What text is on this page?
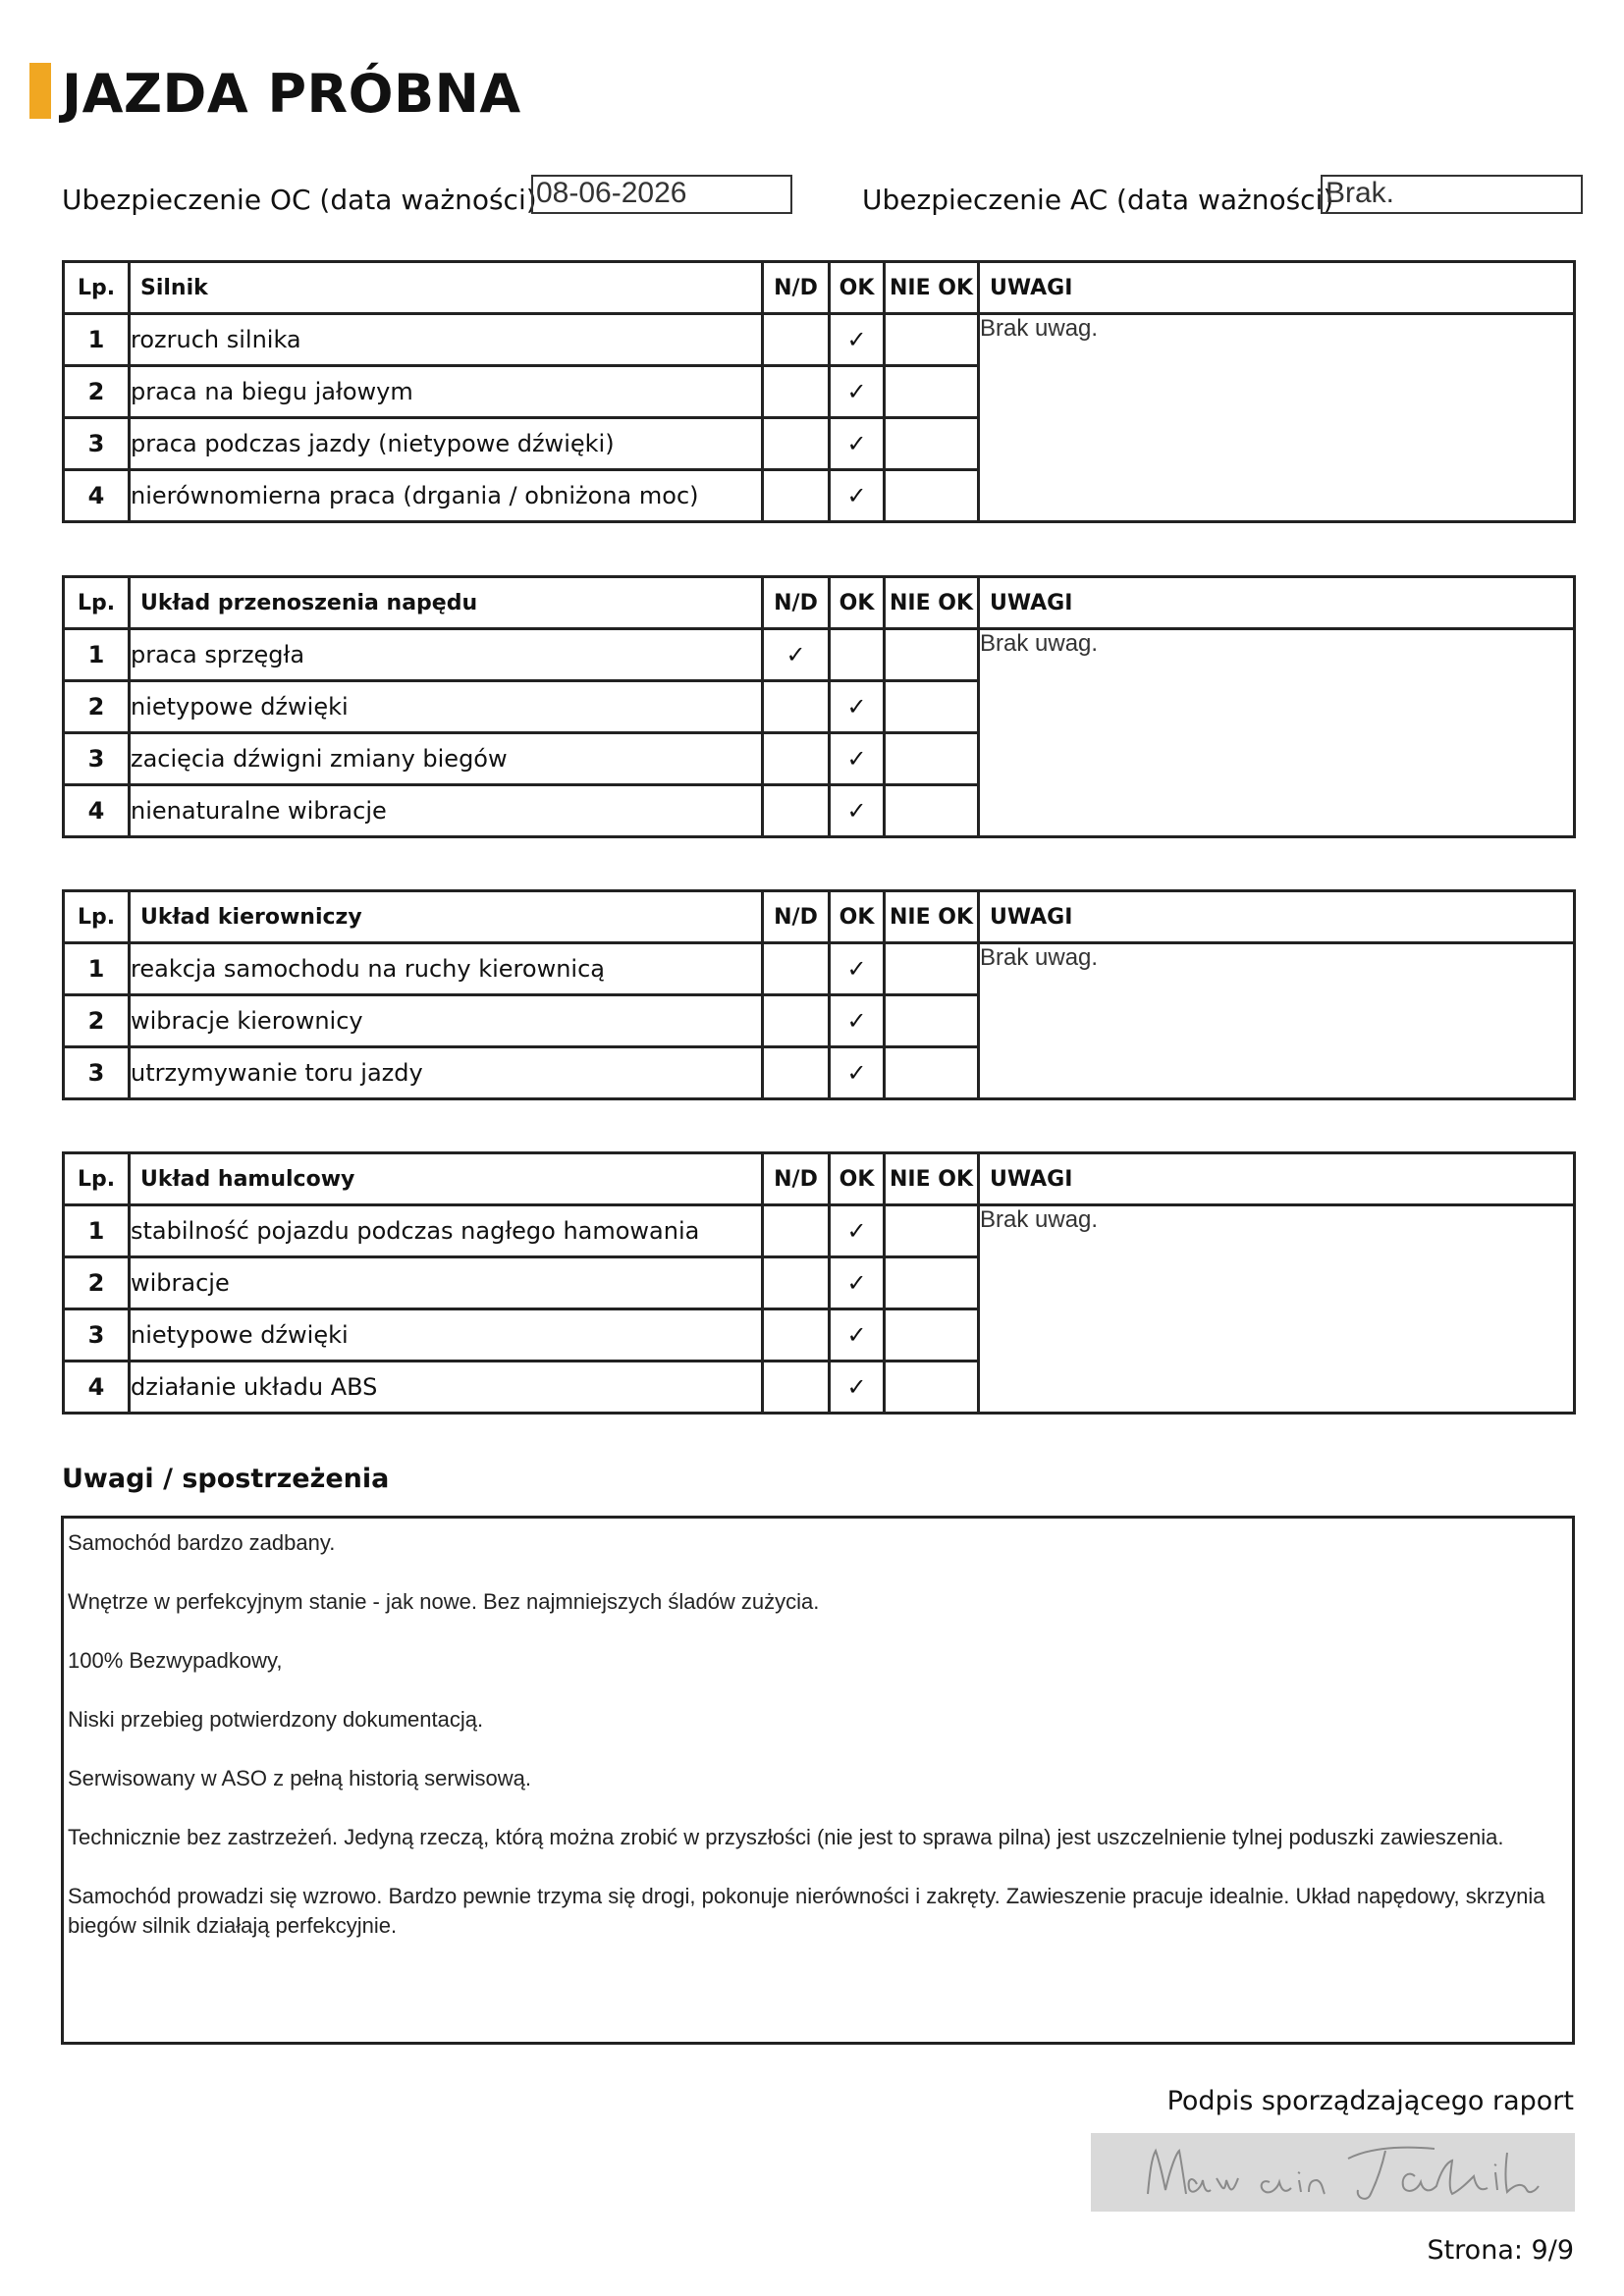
JAZDA PRÓBNA
Ubezpieczenie OC (data ważności) 08-06-2026	Ubezpieczenie AC (data ważności)
Brak.
Lp.	Silnik	N/D	OK	NIE OK	UWAGI
1	rozruch silnika		✓		Brak uwag.
2	praca na biegu jałowym		✓		
3	praca podczas jazdy (nietypowe dźwięki)		✓		
4	nierównomierna praca (drgania / obniżona moc)		✓		
Lp.	Układ przenoszenia napędu	N/D	OK	NIE OK	UWAGI
1	praca sprzęgła	✓			Brak uwag.
2	nietypowe dźwięki		✓		
3	zacięcia dźwigni zmiany biegów		✓		
4	nienaturalne wibracje		✓		
Lp.	Układ kierowniczy	N/D	OK	NIE OK	UWAGI
1	reakcja samochodu na ruchy kierownicą		✓		Brak uwag.
2	wibracje kierownicy		✓		
3	utrzymywanie toru jazdy		✓		
Lp.	Układ hamulcowy	N/D	OK	NIE OK	UWAGI
1	stabilność pojazdu podczas nagłego hamowania		✓		Brak uwag.
2	wibracje		✓		
3	nietypowe dźwięki		✓		
4	działanie układu ABS		✓		
Uwagi / spostrzeżenia

Samochód bardzo zadbany.

Wnętrze w perfekcyjnym stanie - jak nowe. Bez najmniejszych śladów zużycia.

100% Bezwypadkowy,

Niski przebieg potwierdzony dokumentacją.

Serwisowany w ASO z pełną historią serwisową.

Technicznie bez zastrzeżeń. Jedyną rzeczą, którą można zrobić w przyszłości (nie jest to sprawa pilna) jest uszczelnienie tylnej poduszki zawieszenia.

Samochód prowadzi się wzrowo. Bardzo pewnie trzyma się drogi, pokonuje nierówności i zakręty. Zawieszenie pracuje idealnie. Układ napędowy, skrzynia biegów silnik działają perfekcyjnie.

Podpis sporządzającego raport
Strona: 9/9
